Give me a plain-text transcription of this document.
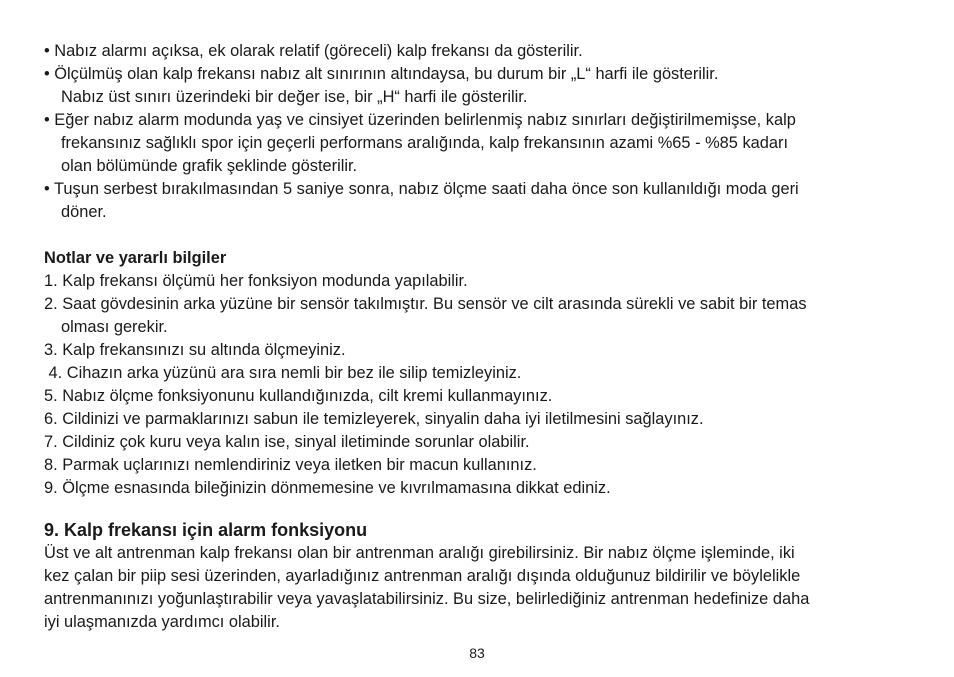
• Nabız alarmı açıksa, ek olarak relatif (göreceli) kalp frekansı da gösterilir.
• Ölçülmüş olan kalp frekansı nabız alt sınırının altındaysa, bu durum bir „L“ harfi ile gösterilir.
Nabız üst sınırı üzerindeki bir değer ise, bir „H“ harfi ile gösterilir.
• Eğer nabız alarm modunda yaş ve cinsiyet üzerinden belirlenmiş nabız sınırları değiştirilmemişse, kalp
frekansınız sağlıklı spor için geçerli performans aralığında, kalp frekansının azami %65 - %85 kadarı
olan bölümünde grafik şeklinde gösterilir.
• Tuşun serbest bırakılmasından 5 saniye sonra, nabız ölçme saati daha önce son kullanıldığı moda geri
döner.
Notlar ve yararlı bilgiler
1. Kalp frekansı ölçümü her fonksiyon modunda yapılabilir.
2. Saat gövdesinin arka yüzüne bir sensör takılmıştır. Bu sensör ve cilt arasında sürekli ve sabit bir temas
olması gerekir.
3. Kalp frekansınızı su altında ölçmeyiniz.
4. Cihazın arka yüzünü ara sıra nemli bir bez ile silip temizleyiniz.
5. Nabız ölçme fonksiyonunu kullandığınızda, cilt kremi kullanmayınız.
6. Cildinizi ve parmaklarınızı sabun ile temizleyerek, sinyalin daha iyi iletilmesini sağlayınız.
7. Cildiniz çok kuru veya kalın ise, sinyal iletiminde sorunlar olabilir.
8. Parmak uçlarınızı nemlendiriniz veya iletken bir macun kullanınız.
9. Ölçme esnasında bileğinizin dönmemesine ve kıvrılmamasına dikkat ediniz.
9. Kalp frekansı için alarm fonksiyonu
Üst ve alt antrenman kalp frekansı olan bir antrenman aralığı girebilirsiniz. Bir nabız ölçme işleminde, iki
kez çalan bir piip sesi üzerinden, ayarladığınız antrenman aralığı dışında olduğunuz bildirilir ve böylelikle
antrenmanınızı yoğunlaştırabilir veya yavaşlatabilirsiniz. Bu size, belirlediğiniz antrenman hedefinize daha
iyi ulaşmanızda yardımcı olabilir.
83
